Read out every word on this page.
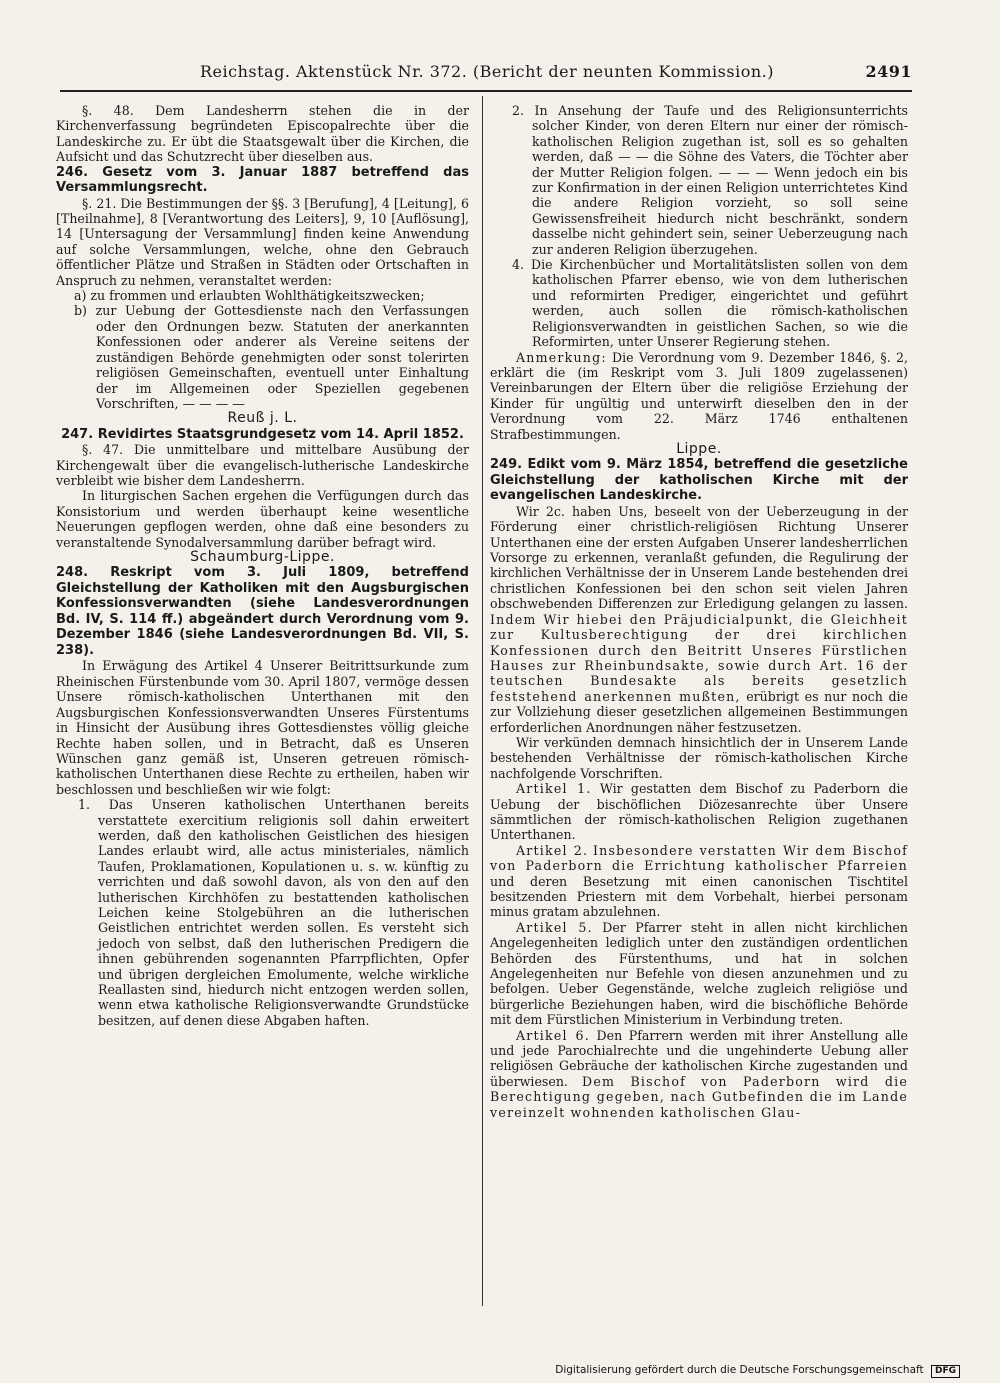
Reichstag. Aktenstück Nr. 372. (Bericht der neunten Kommission.)	2491

§. 48. Dem Landesherrn stehen die in der Kirchenverfassung begründeten Episcopalrechte über die Landeskirche zu. Er übt die Staatsgewalt über die Kirchen, die Aufsicht und das Schutzrecht über dieselben aus.

246. Gesetz vom 3. Januar 1887 betreffend das Versammlungsrecht.

§. 21. Die Bestimmungen der §§. 3 [Berufung], 4 [Leitung], 6 [Theilnahme], 8 [Verantwortung des Leiters], 9, 10 [Auflösung], 14 [Untersagung der Versammlung] finden keine Anwendung auf solche Versammlungen, welche, ohne den Gebrauch öffentlicher Plätze und Straßen in Städten oder Ortschaften in Anspruch zu nehmen, veranstaltet werden:

a) zu frommen und erlaubten Wohlthätigkeitszwecken;

b) zur Uebung der Gottesdienste nach den Verfassungen oder den Ordnungen bezw. Statuten der anerkannten Konfessionen oder anderer als Vereine seitens der zuständigen Behörde genehmigten oder sonst tolerirten religiösen Gemeinschaften, eventuell unter Einhaltung der im Allgemeinen oder Speziellen gegebenen Vorschriften, — — — —

Reuß j. L.

247. Revidirtes Staatsgrundgesetz vom 14. April 1852.

§. 47. Die unmittelbare und mittelbare Ausübung der Kirchengewalt über die evangelisch-lutherische Landeskirche verbleibt wie bisher dem Landesherrn.

In liturgischen Sachen ergehen die Verfügungen durch das Konsistorium und werden überhaupt keine wesentliche Neuerungen gepflogen werden, ohne daß eine besonders zu veranstaltende Synodalversammlung darüber befragt wird.

Schaumburg-Lippe.

248. Reskript vom 3. Juli 1809, betreffend Gleichstellung der Katholiken mit den Augsburgischen Konfessionsverwandten (siehe Landesverordnungen Bd. IV, S. 114 ff.) abgeändert durch Verordnung vom 9. Dezember 1846 (siehe Landesverordnungen Bd. VII, S. 238).

In Erwägung des Artikel 4 Unserer Beitrittsurkunde zum Rheinischen Fürstenbunde vom 30. April 1807, vermöge dessen Unsere römisch-katholischen Unterthanen mit den Augsburgischen Konfessionsverwandten Unseres Fürstentums in Hinsicht der Ausübung ihres Gottesdienstes völlig gleiche Rechte haben sollen, und in Betracht, daß es Unseren Wünschen ganz gemäß ist, Unseren getreuen römisch-katholischen Unterthanen diese Rechte zu ertheilen, haben wir beschlossen und beschließen wir wie folgt:

1. Das Unseren katholischen Unterthanen bereits verstattete exercitium religionis soll dahin erweitert werden, daß den katholischen Geistlichen des hiesigen Landes erlaubt wird, alle actus ministeriales, nämlich Taufen, Proklamationen, Kopulationen u. s. w. künftig zu verrichten und daß sowohl davon, als von den auf den lutherischen Kirchhöfen zu bestattenden katholischen Leichen keine Stolgebühren an die lutherischen Geistlichen entrichtet werden sollen. Es versteht sich jedoch von selbst, daß den lutherischen Predigern die ihnen gebührenden sogenannten Pfarrpflichten, Opfer und übrigen dergleichen Emolumente, welche wirkliche Reallasten sind, hiedurch nicht entzogen werden sollen, wenn etwa katholische Religionsverwandte Grundstücke besitzen, auf denen diese Abgaben haften.

2. In Ansehung der Taufe und des Religionsunterrichts solcher Kinder, von deren Eltern nur einer der römisch-katholischen Religion zugethan ist, soll es so gehalten werden, daß — — die Söhne des Vaters, die Töchter aber der Mutter Religion folgen. — — — Wenn jedoch ein bis zur Konfirmation in der einen Religion unterrichtetes Kind die andere Religion vorzieht, so soll seine Gewissensfreiheit hiedurch nicht beschränkt, sondern dasselbe nicht gehindert sein, seiner Ueberzeugung nach zur anderen Religion überzugehen.

4. Die Kirchenbücher und Mortalitätslisten sollen von dem katholischen Pfarrer ebenso, wie von dem lutherischen und reformirten Prediger, eingerichtet und geführt werden, auch sollen die römisch-katholischen Religionsverwandten in geistlichen Sachen, so wie die Reformirten, unter Unserer Regierung stehen.

Anmerkung: Die Verordnung vom 9. Dezember 1846, §. 2, erklärt die (im Reskript vom 3. Juli 1809 zugelassenen) Vereinbarungen der Eltern über die religiöse Erziehung der Kinder für ungültig und unterwirft dieselben den in der Verordnung vom 22. März 1746 enthaltenen Strafbestimmungen.

Lippe.

249. Edikt vom 9. März 1854, betreffend die gesetzliche Gleichstellung der katholischen Kirche mit der evangelischen Landeskirche.

Wir 2c. haben Uns, beseelt von der Ueberzeugung in der Förderung einer christlich-religiösen Richtung Unserer Unterthanen eine der ersten Aufgaben Unserer landesherrlichen Vorsorge zu erkennen, veranlaßt gefunden, die Regulirung der kirchlichen Verhältnisse der in Unserem Lande bestehenden drei christlichen Konfessionen bei den schon seit vielen Jahren obschwebenden Differenzen zur Erledigung gelangen zu lassen. Indem Wir hiebei den Präjudicialpunkt, die Gleichheit zur Kultusberechtigung der drei kirchlichen Konfessionen durch den Beitritt Unseres Fürstlichen Hauses zur Rheinbundsakte, sowie durch Art. 16 der teutschen Bundesakte als bereits gesetzlich feststehend anerkennen mußten, erübrigt es nur noch die zur Vollziehung dieser gesetzlichen allgemeinen Bestimmungen erforderlichen Anordnungen näher festzusetzen.

Wir verkünden demnach hinsichtlich der in Unserem Lande bestehenden Verhältnisse der römisch-katholischen Kirche nachfolgende Vorschriften.

Artikel 1. Wir gestatten dem Bischof zu Paderborn die Uebung der bischöflichen Diözesanrechte über Unsere sämmtlichen der römisch-katholischen Religion zugethanen Unterthanen.

Artikel 2. Insbesondere verstatten Wir dem Bischof von Paderborn die Errichtung katholischer Pfarreien und deren Besetzung mit einen canonischen Tischtitel besitzenden Priestern mit dem Vorbehalt, hierbei personam minus gratam abzulehnen.

Artikel 5. Der Pfarrer steht in allen nicht kirchlichen Angelegenheiten lediglich unter den zuständigen ordentlichen Behörden des Fürstenthums, und hat in solchen Angelegenheiten nur Befehle von diesen anzunehmen und zu befolgen. Ueber Gegenstände, welche zugleich religiöse und bürgerliche Beziehungen haben, wird die bischöfliche Behörde mit dem Fürstlichen Ministerium in Verbindung treten.

Artikel 6. Den Pfarrern werden mit ihrer Anstellung alle und jede Parochialrechte und die ungehinderte Uebung aller religiösen Gebräuche der katholischen Kirche zugestanden und überwiesen. Dem Bischof von Paderborn wird die Berechtigung gegeben, nach Gutbefinden die im Lande vereinzelt wohnenden katholischen Glau-

Digitalisierung gefördert durch die Deutsche Forschungsgemeinschaft DFG
